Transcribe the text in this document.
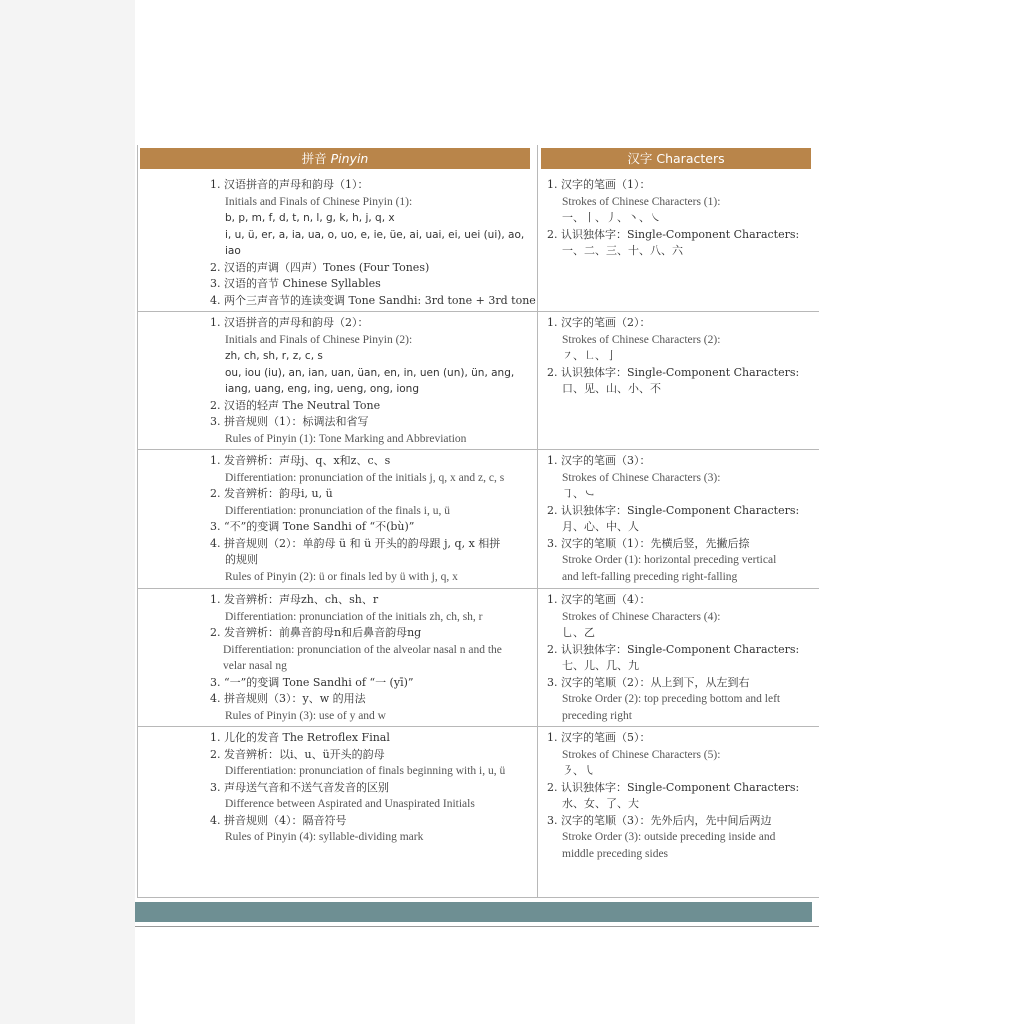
拼音 Pinyin	汉字 Characters
1. 汉语拼音的声母和韵母（1）：
Initials and Finals of Chinese Pinyin (1):
b, p, m, f, d, t, n, l, g, k, h, j, q, x
i, u, ü, er, a, ia, ua, o, uo, e, ie, üe, ai, uai, ei, uei (ui), ao,
iao
2. 汉语的声调（四声）Tones (Four Tones)
3. 汉语的音节 Chinese Syllables
4. 两个三声音节的连读变调 Tone Sandhi: 3rd tone + 3rd tone
1. 汉字的笔画（1）：
Strokes of Chinese Characters (1):
一、丨、丿、丶、㇏
2. 认识独体字：Single-Component Characters:
一、二、三、十、八、六
1. 汉语拼音的声母和韵母（2）：
Initials and Finals of Chinese Pinyin (2):
zh, ch, sh, r, z, c, s
ou, iou (iu), an, ian, uan, üan, en, in, uen (un), ün, ang,
iang, uang, eng, ing, ueng, ong, iong
2. 汉语的轻声 The Neutral Tone
3. 拼音规则（1）：标调法和省写
Rules of Pinyin (1): Tone Marking and Abbreviation
1. 汉字的笔画（2）：
Strokes of Chinese Characters (2):
㇇、㇗、亅
2. 认识独体字：Single-Component Characters:
口、见、山、小、不
1. 发音辨析：声母j、q、x和z、c、s
Differentiation: pronunciation of the initials j, q, x and z, c, s
2. 发音辨析：韵母i, u, ü
Differentiation: pronunciation of the finals i, u, ü
3. “不”的变调 Tone Sandhi of “不(bù)”
4. 拼音规则（2）：单韵母 ü 和 ü 开头的韵母跟 j, q, x 相拼
的规则
Rules of Pinyin (2): ü or finals led by ü with j, q, x
1. 汉字的笔画（3）：
Strokes of Chinese Characters (3):
㇆、㇃
2. 认识独体字：Single-Component Characters:
月、心、中、人
3. 汉字的笔顺（1）：先横后竖，先撇后捺
Stroke Order (1): horizontal preceding vertical
and left-falling preceding right-falling
1. 发音辨析：声母zh、ch、sh、r
Differentiation: pronunciation of the initials zh, ch, sh, r
2. 发音辨析：前鼻音韵母n和后鼻音韵母ng
Differentiation: pronunciation of the alveolar nasal n and the
velar nasal ng
3. “一”的变调 Tone Sandhi of “一 (yī)”
4. 拼音规则（3）：y、w 的用法
Rules of Pinyin (3): use of y and w
1. 汉字的笔画（4）：
Strokes of Chinese Characters (4):
乚、乙
2. 认识独体字：Single-Component Characters:
七、儿、几、九
3. 汉字的笔顺（2）：从上到下，从左到右
Stroke Order (2): top preceding bottom and left
preceding right
1. 儿化的发音 The Retroflex Final
2. 发音辨析：以i、u、ü开头的韵母
Differentiation: pronunciation of finals beginning with i, u, ü
3. 声母送气音和不送气音发音的区别
Difference between Aspirated and Unaspirated Initials
4. 拼音规则（4）：隔音符号
Rules of Pinyin (4): syllable-dividing mark
1. 汉字的笔画（5）：
Strokes of Chinese Characters (5):
㇋、㇂
2. 认识独体字：Single-Component Characters:
水、女、了、大
3. 汉字的笔顺（3）：先外后内，先中间后两边
Stroke Order (3): outside preceding inside and
middle preceding sides
